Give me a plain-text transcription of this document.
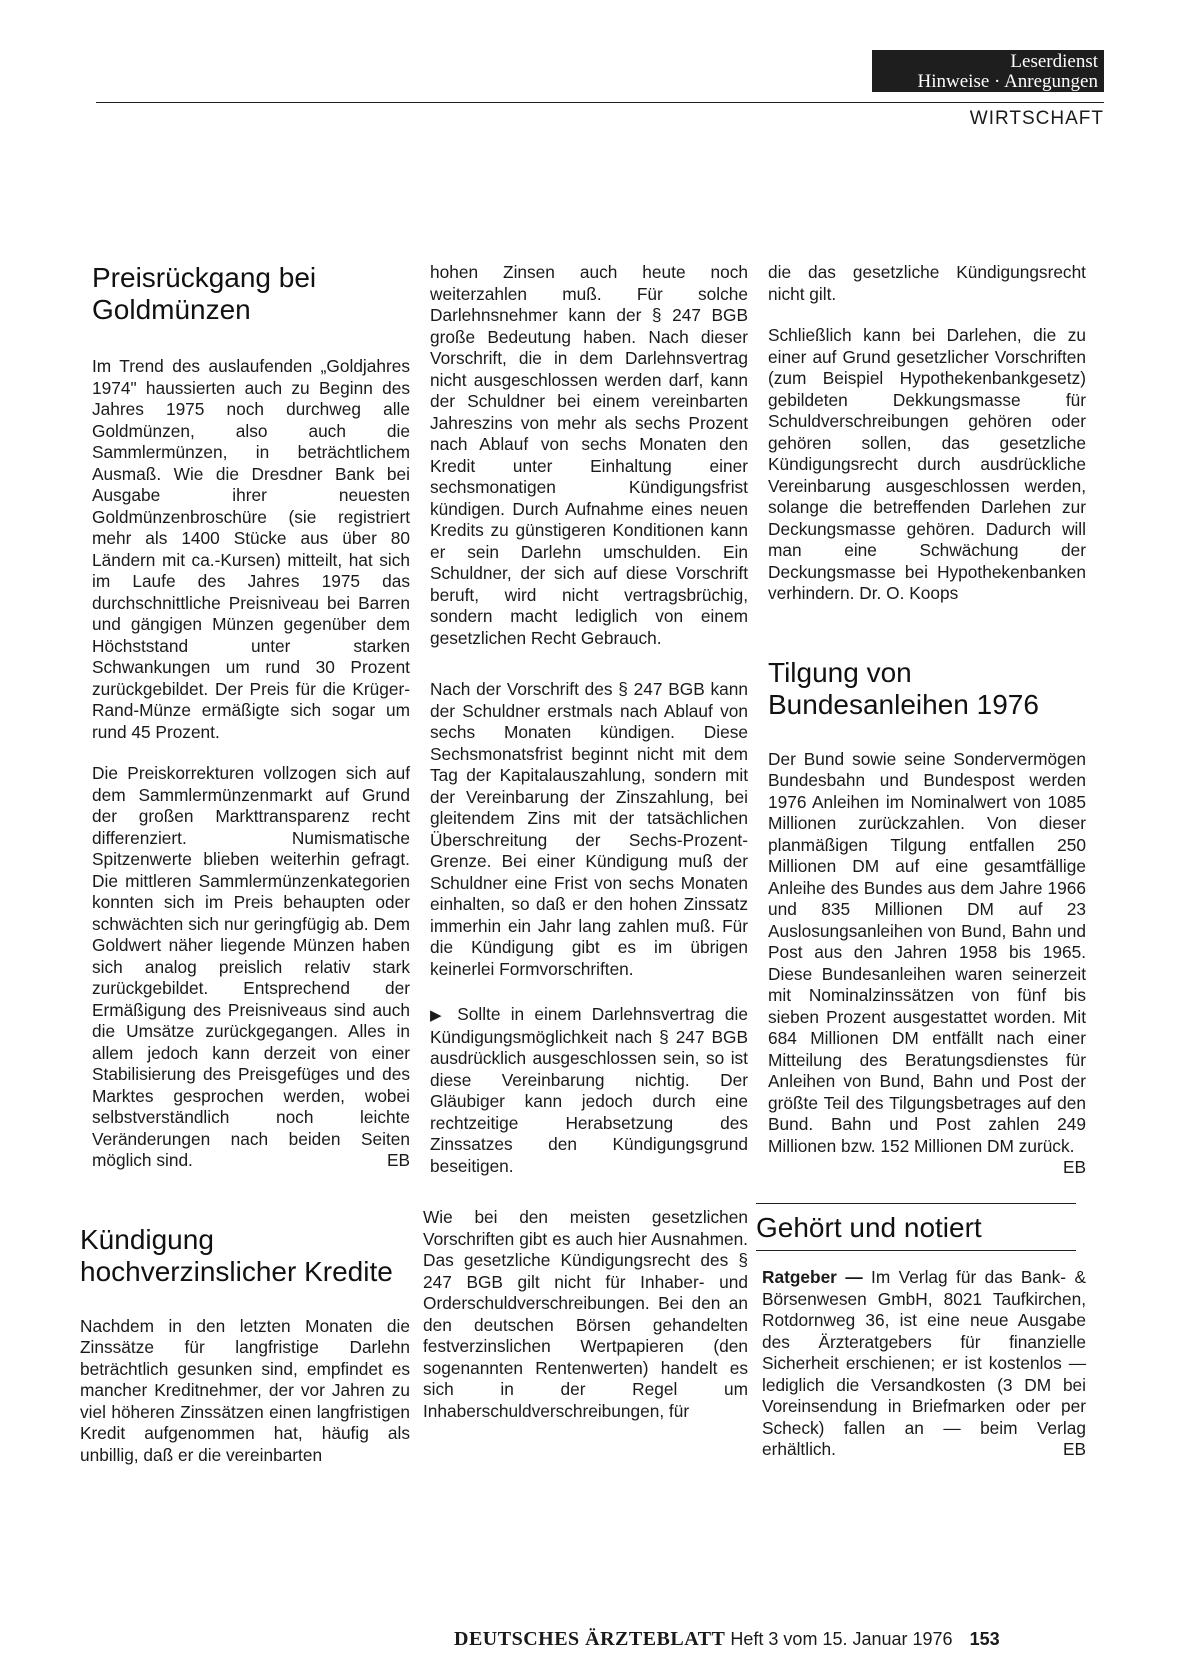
Leserdienst
Hinweise · Anregungen
WIRTSCHAFT
Preisrückgang bei Goldmünzen

Im Trend des auslaufenden „Goldjahres 1974" haussierten auch zu Beginn des Jahres 1975 noch durchweg alle Goldmünzen, also auch die Sammlermünzen, in beträchtlichem Ausmaß. Wie die Dresdner Bank bei Ausgabe ihrer neuesten Goldmünzenbroschüre (sie registriert mehr als 1400 Stücke aus über 80 Ländern mit ca.-Kursen) mitteilt, hat sich im Laufe des Jahres 1975 das durchschnittliche Preisniveau bei Barren und gängigen Münzen gegenüber dem Höchststand unter starken Schwankungen um rund 30 Prozent zurückgebildet. Der Preis für die Krüger-Rand-Münze ermäßigte sich sogar um rund 45 Prozent.

Die Preiskorrekturen vollzogen sich auf dem Sammlermünzenmarkt auf Grund der großen Markttransparenz recht differenziert. Numismatische Spitzenwerte blieben weiterhin gefragt. Die mittleren Sammlermünzenkategorien konnten sich im Preis behaupten oder schwächten sich nur geringfügig ab. Dem Goldwert näher liegende Münzen haben sich analog preislich relativ stark zurückgebildet. Entsprechend der Ermäßigung des Preisniveaus sind auch die Umsätze zurückgegangen. Alles in allem jedoch kann derzeit von einer Stabilisierung des Preisgefüges und des Marktes gesprochen werden, wobei selbstverständlich noch leichte Veränderungen nach beiden Seiten möglich sind.	EB

Kündigung hochverzinslicher Kredite

Nachdem in den letzten Monaten die Zinssätze für langfristige Darlehn beträchtlich gesunken sind, empfindet es mancher Kreditnehmer, der vor Jahren zu viel höheren Zinssätzen einen langfristigen Kredit aufgenommen hat, häufig als unbillig, daß er die vereinbarten

hohen Zinsen auch heute noch weiterzahlen muß. Für solche Darlehnsnehmer kann der § 247 BGB große Bedeutung haben. Nach dieser Vorschrift, die in dem Darlehnsvertrag nicht ausgeschlossen werden darf, kann der Schuldner bei einem vereinbarten Jahreszins von mehr als sechs Prozent nach Ablauf von sechs Monaten den Kredit unter Einhaltung einer sechsmonatigen Kündigungsfrist kündigen. Durch Aufnahme eines neuen Kredits zu günstigeren Konditionen kann er sein Darlehn umschulden. Ein Schuldner, der sich auf diese Vorschrift beruft, wird nicht vertragsbrüchig, sondern macht lediglich von einem gesetzlichen Recht Gebrauch.

Nach der Vorschrift des § 247 BGB kann der Schuldner erstmals nach Ablauf von sechs Monaten kündigen. Diese Sechsmonatsfrist beginnt nicht mit dem Tag der Kapitalauszahlung, sondern mit der Vereinbarung der Zinszahlung, bei gleitendem Zins mit der tatsächlichen Überschreitung der Sechs-Prozent-Grenze. Bei einer Kündigung muß der Schuldner eine Frist von sechs Monaten einhalten, so daß er den hohen Zinssatz immerhin ein Jahr lang zahlen muß. Für die Kündigung gibt es im übrigen keinerlei Formvorschriften.

▶ Sollte in einem Darlehnsvertrag die Kündigungsmöglichkeit nach § 247 BGB ausdrücklich ausgeschlossen sein, so ist diese Vereinbarung nichtig. Der Gläubiger kann jedoch durch eine rechtzeitige Herabsetzung des Zinssatzes den Kündigungsgrund beseitigen.

Wie bei den meisten gesetzlichen Vorschriften gibt es auch hier Ausnahmen. Das gesetzliche Kündigungsrecht des § 247 BGB gilt nicht für Inhaber- und Orderschuldverschreibungen. Bei den an den deutschen Börsen gehandelten festverzinslichen Wertpapieren (den sogenannten Rentenwerten) handelt es sich in der Regel um Inhaberschuldverschreibungen, für

die das gesetzliche Kündigungsrecht nicht gilt.

Schließlich kann bei Darlehen, die zu einer auf Grund gesetzlicher Vorschriften (zum Beispiel Hypothekenbankgesetz) gebildeten Dekkungsmasse für Schuldverschreibungen gehören oder gehören sollen, das gesetzliche Kündigungsrecht durch ausdrückliche Vereinbarung ausgeschlossen werden, solange die betreffenden Darlehen zur Deckungsmasse gehören. Dadurch will man eine Schwächung der Deckungsmasse bei Hypothekenbanken verhindern. Dr. O. Koops

Tilgung von Bundesanleihen 1976

Der Bund sowie seine Sondervermögen Bundesbahn und Bundespost werden 1976 Anleihen im Nominalwert von 1085 Millionen zurückzahlen. Von dieser planmäßigen Tilgung entfallen 250 Millionen DM auf eine gesamtfällige Anleihe des Bundes aus dem Jahre 1966 und 835 Millionen DM auf 23 Auslosungsanleihen von Bund, Bahn und Post aus den Jahren 1958 bis 1965. Diese Bundesanleihen waren seinerzeit mit Nominalzinssätzen von fünf bis sieben Prozent ausgestattet worden. Mit 684 Millionen DM entfällt nach einer Mitteilung des Beratungsdienstes für Anleihen von Bund, Bahn und Post der größte Teil des Tilgungsbetrages auf den Bund. Bahn und Post zahlen 249 Millionen bzw. 152 Millionen DM zurück.
EB

Gehört und notiert

Ratgeber — Im Verlag für das Bank- & Börsenwesen GmbH, 8021 Taufkirchen, Rotdornweg 36, ist eine neue Ausgabe des Ärzteratgebers für finanzielle Sicherheit erschienen; er ist kostenlos — lediglich die Versandkosten (3 DM bei Voreinsendung in Briefmarken oder per Scheck) fallen an — beim Verlag erhältlich.	EB

DEUTSCHES ÄRZTEBLATT Heft 3 vom 15. Januar 1976 153
